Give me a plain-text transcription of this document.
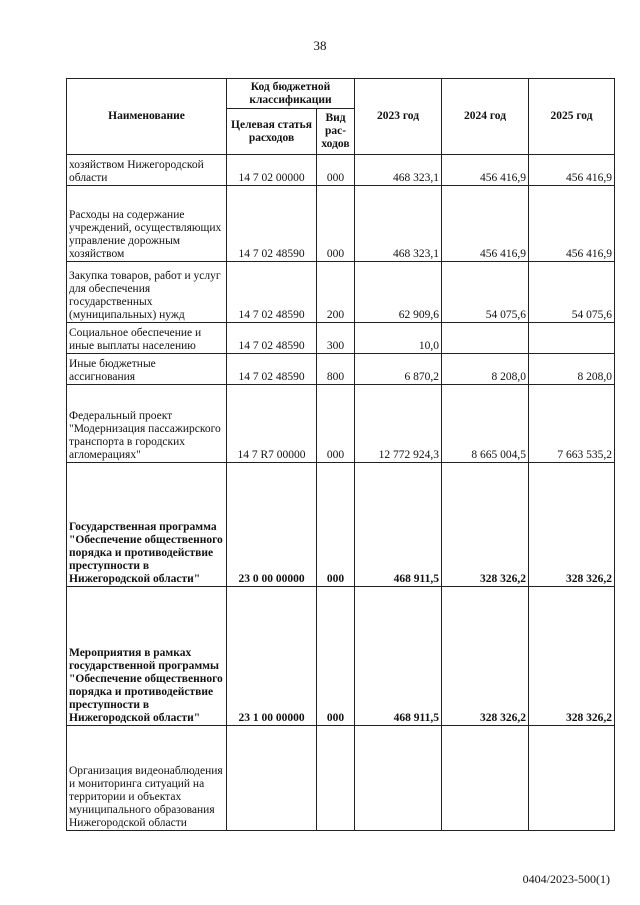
38
Наименование	Код бюджетной классификации		2023 год	2024 год	2025 год
	Целевая статья расходов	Вид рас-ходов			
хозяйством Нижегородской области	14 7 02 00000	000	468 323,1	456 416,9	456 416,9
Расходы на содержание учреждений, осуществляющих управление дорожным хозяйством	14 7 02 48590	000	468 323,1	456 416,9	456 416,9
Закупка товаров, работ и услуг для обеспечения государственных (муниципальных) нужд	14 7 02 48590	200	62 909,6	54 075,6	54 075,6
Социальное обеспечение и иные выплаты населению	14 7 02 48590	300	10,0		
Иные бюджетные ассигнования	14 7 02 48590	800	6 870,2	8 208,0	8 208,0
Федеральный проект "Модернизация пассажирского транспорта в городских агломерациях"	14 7 R7 00000	000	12 772 924,3	8 665 004,5	7 663 535,2
Государственная программа "Обеспечение общественного порядка и противодействие преступности в Нижегородской области"	23 0 00 00000	000	468 911,5	328 326,2	328 326,2
Мероприятия в рамках государственной программы "Обеспечение общественного порядка и противодействие преступности в Нижегородской области"	23 1 00 00000	000	468 911,5	328 326,2	328 326,2
Организация видеонаблюдения и мониторинга ситуаций на территории и объектах муниципального образования Нижегородской области					
0404/2023-500(1)
